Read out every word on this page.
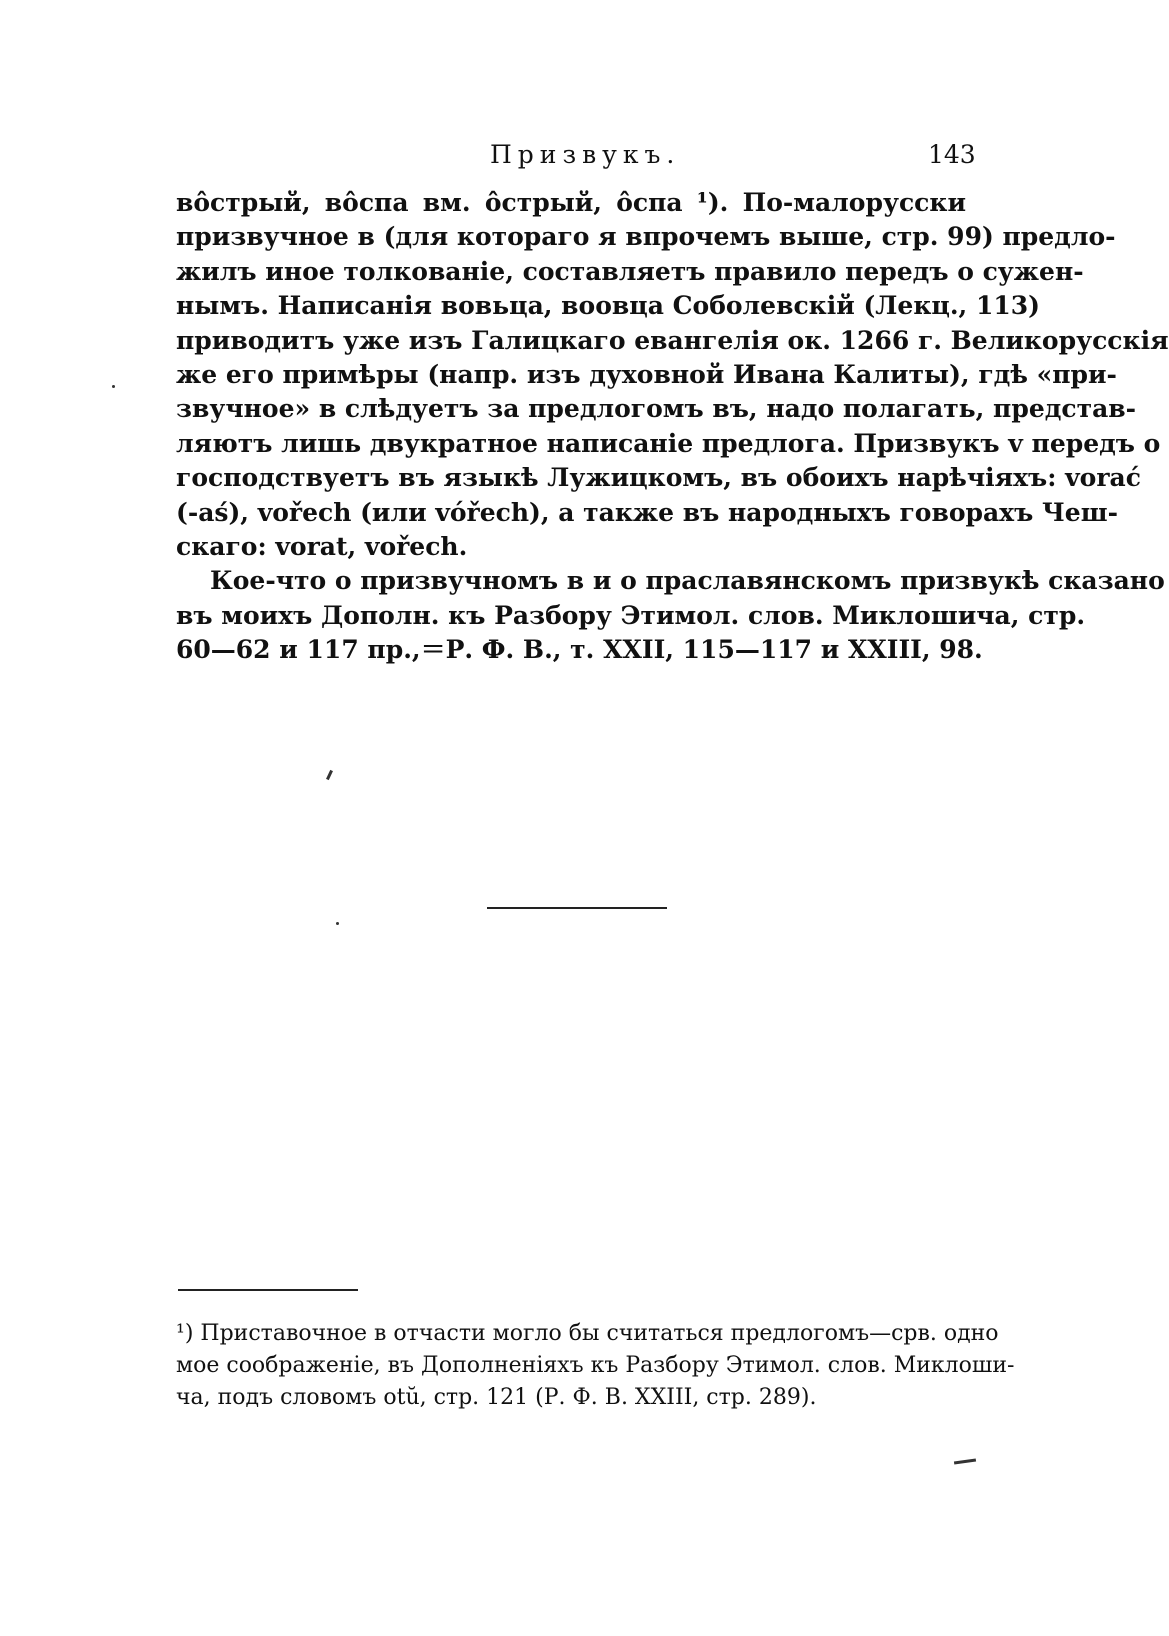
Призвукъ.	143
во̂стрый, во̂спа вм. о̂стрый, о̂спа ¹). По-малорусски
призвучное в (для котораго я впрочемъ выше, стр. 99) предло-
жилъ иное толкованіе, составляетъ правило передъ о сужен-
нымъ. Написанія вовьца, воовца Соболевскій (Лекц., 113)
приводитъ уже изъ Галицкаго евангелія ок. 1266 г. Великорусскія
же его примѣры (напр. изъ духовной Ивана Калиты), гдѣ «при-
звучное» в слѣдуетъ за предлогомъ въ, надо полагать, представ-
ляютъ лишь двукратное написаніе предлога. Призвукъ v передъ o
господствуетъ въ языкѣ Лужицкомъ, въ обоихъ нарѣчіяхъ: vorać
(-aś), vořech (или vóřech), а также въ народныхъ говорахъ Чеш-
скаго: vorat, vořech.
Кое-что о призвучномъ в и о праславянскомъ призвукѣ сказано
въ моихъ Дополн. къ Разбору Этимол. слов. Миклошича, стр.
60—62 и 117 пр.,＝Р. Ф. В., т. XXII, 115—117 и XXIII, 98.
¹) Приставочное в отчасти могло бы считаться предлогомъ—срв. одно
мое соображеніе, въ Дополненіяхъ къ Разбору Этимол. слов. Миклоши-
ча, подъ словомъ otŭ, стр. 121 (Р. Ф. В. XXIII, стр. 289).
